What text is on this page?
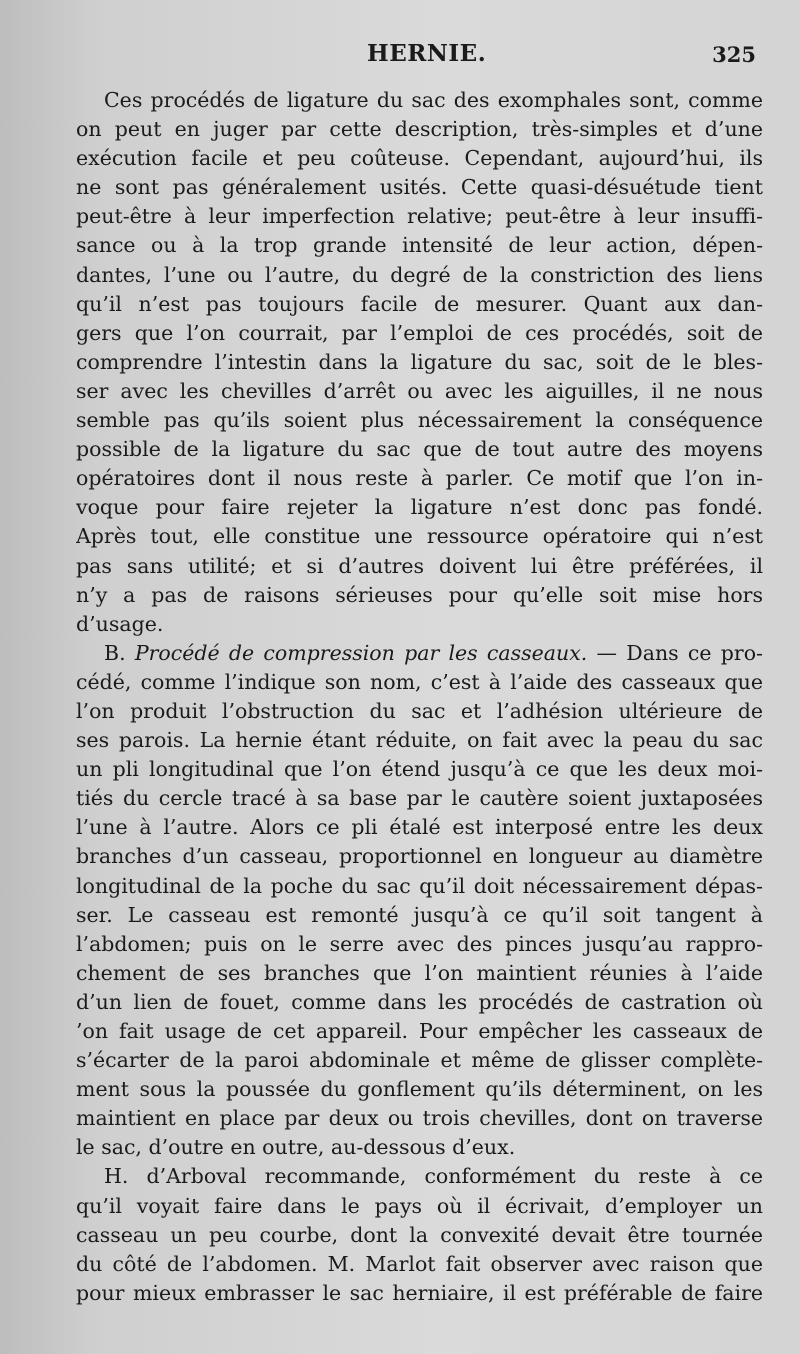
HERNIE.	325
Ces procédés de ligature du sac des exomphales sont, comme
on peut en juger par cette description, très-simples et d’une
exécution facile et peu coûteuse. Cependant, aujourd’hui, ils
ne sont pas généralement usités. Cette quasi-désuétude tient
peut-être à leur imperfection relative; peut-être à leur insuffi-
sance ou à la trop grande intensité de leur action, dépen-
dantes, l’une ou l’autre, du degré de la constriction des liens
qu’il n’est pas toujours facile de mesurer. Quant aux dan-
gers que l’on courrait, par l’emploi de ces procédés, soit de
comprendre l’intestin dans la ligature du sac, soit de le bles-
ser avec les chevilles d’arrêt ou avec les aiguilles, il ne nous
semble pas qu’ils soient plus nécessairement la conséquence
possible de la ligature du sac que de tout autre des moyens
opératoires dont il nous reste à parler. Ce motif que l’on in-
voque pour faire rejeter la ligature n’est donc pas fondé.
Après tout, elle constitue une ressource opératoire qui n’est
pas sans utilité; et si d’autres doivent lui être préférées, il
n’y a pas de raisons sérieuses pour qu’elle soit mise hors
d’usage.
B. Procédé de compression par les casseaux. — Dans ce pro-
cédé, comme l’indique son nom, c’est à l’aide des casseaux que
l’on produit l’obstruction du sac et l’adhésion ultérieure de
ses parois. La hernie étant réduite, on fait avec la peau du sac
un pli longitudinal que l’on étend jusqu’à ce que les deux moi-
tiés du cercle tracé à sa base par le cautère soient juxtaposées
l’une à l’autre. Alors ce pli étalé est interposé entre les deux
branches d’un casseau, proportionnel en longueur au diamètre
longitudinal de la poche du sac qu’il doit nécessairement dépas-
ser. Le casseau est remonté jusqu’à ce qu’il soit tangent à
l’abdomen; puis on le serre avec des pinces jusqu’au rappro-
chement de ses branches que l’on maintient réunies à l’aide
d’un lien de fouet, comme dans les procédés de castration où
’on fait usage de cet appareil. Pour empêcher les casseaux de
s’écarter de la paroi abdominale et même de glisser complète-
ment sous la poussée du gonflement qu’ils déterminent, on les
maintient en place par deux ou trois chevilles, dont on traverse
le sac, d’outre en outre, au-dessous d’eux.
H. d’Arboval recommande, conformément du reste à ce
qu’il voyait faire dans le pays où il écrivait, d’employer un
casseau un peu courbe, dont la convexité devait être tournée
du côté de l’abdomen. M. Marlot fait observer avec raison que
pour mieux embrasser le sac herniaire, il est préférable de faire
